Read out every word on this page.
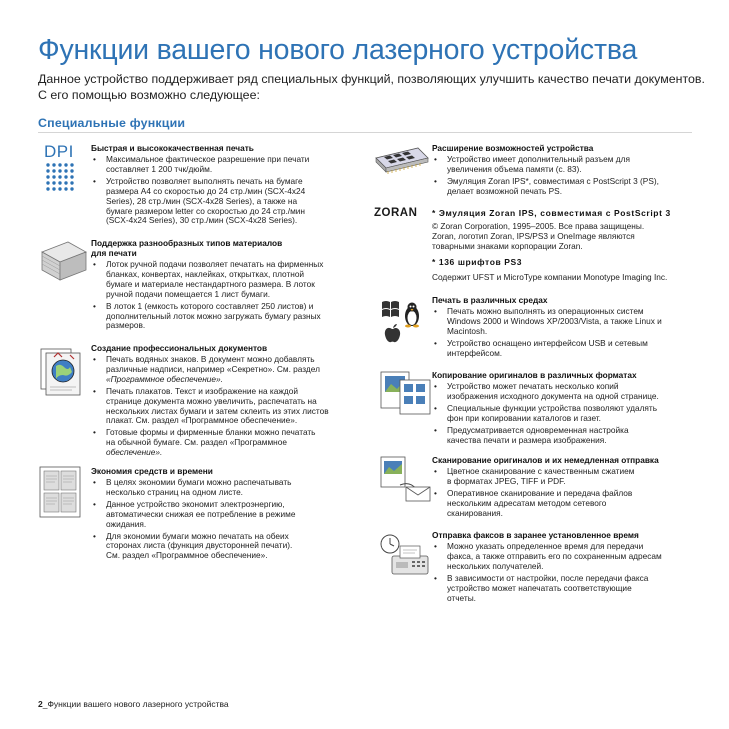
Функции вашего нового лазерного устройства
Данное устройство поддерживает ряд специальных функций, позволяющих улучшить качество печати документов.
С его помощью возможно следующее:
Специальные функции
DPI	Быстрая и высококачественная печать
• Максимальное фактическое разрешение при печати
составляет 1 200 тчк/дюйм.
• Устройство позволяет выполнять печать на бумаге
размера A4 со скоростью до 24 стр./мин (SCX-4x24
Series), 28 стр./мин (SCX-4x28 Series), а также на
бумаге размером letter со скоростью до 24 стр./мин
(SCX-4x24 Series), 30 стр./мин (SCX-4x28 Series).
Поддержка разнообразных типов материалов
для печати
• Лоток ручной подачи позволяет печатать на фирменных
бланках, конвертах, наклейках, открытках, плотной
бумаге и материале нестандартного размера. В лоток
ручной подачи помещается 1 лист бумаги.
• В лоток 1 (емкость которого составляет 250 листов) и
дополнительный лоток можно загружать бумагу разных
размеров.
Создание профессиональных документов
• Печать водяных знаков. В документ можно добавлять
различные надписи, например «Секретно». См. раздел
«Программное обеспечение».
• Печать плакатов. Текст и изображение на каждой
странице документа можно увеличить, распечатать на
нескольких листах бумаги и затем склеить из этих листов
плакат. См. раздел «Программное обеспечение».
• Готовые формы и фирменные бланки можно печатать
на обычной бумаге. См. раздел «Программное
обеспечение».
Экономия средств и времени
• В целях экономии бумаги можно распечатывать
несколько страниц на одном листе.
• Данное устройство экономит электроэнергию,
автоматически снижая ее потребление в режиме
ожидания.
• Для экономии бумаги можно печатать на обеих
сторонах листа (функция двусторонней печати).
См. раздел «Программное обеспечение».
ZORAN
Расширение возможностей устройства
• Устройство имеет дополнительный разъем для
увеличения объема памяти (с. 83).
• Эмуляция Zoran IPS*, совместимая с PostScript 3 (PS),
делает возможной печать PS.
* Эмуляция Zoran IPS, совместимая с PostScript 3
© Zoran Corporation, 1995–2005. Все права защищены.
Zoran, логотип Zoran, IPS/PS3 и OneImage являются
товарными знаками корпорации Zoran.
* 136 шрифтов PS3
Содержит UFST и MicroType компании Monotype Imaging Inc.
Печать в различных средах
• Печать можно выполнять из операционных систем
Windows 2000 и Windows XP/2003/Vista, а также Linux и
Macintosh.
• Устройство оснащено интерфейсом USB и сетевым
интерфейсом.
Копирование оригиналов в различных форматах
• Устройство может печатать несколько копий
изображения исходного документа на одной странице.
• Специальные функции устройства позволяют удалять
фон при копировании каталогов и газет.
• Предусматривается одновременная настройка
качества печати и размера изображения.
Сканирование оригиналов и их немедленная отправка
• Цветное сканирование с качественным сжатием
в форматах JPEG, TIFF и PDF.
• Оперативное сканирование и передача файлов
нескольким адресатам методом сетевого
сканирования.
Отправка факсов в заранее установленное время
• Можно указать определенное время для передачи
факса, а также отправить его по сохраненным адресам
нескольких получателей.
• В зависимости от настройки, после передачи факса
устройство может напечатать соответствующие
отчеты.
2_Функции вашего нового лазерного устройства
